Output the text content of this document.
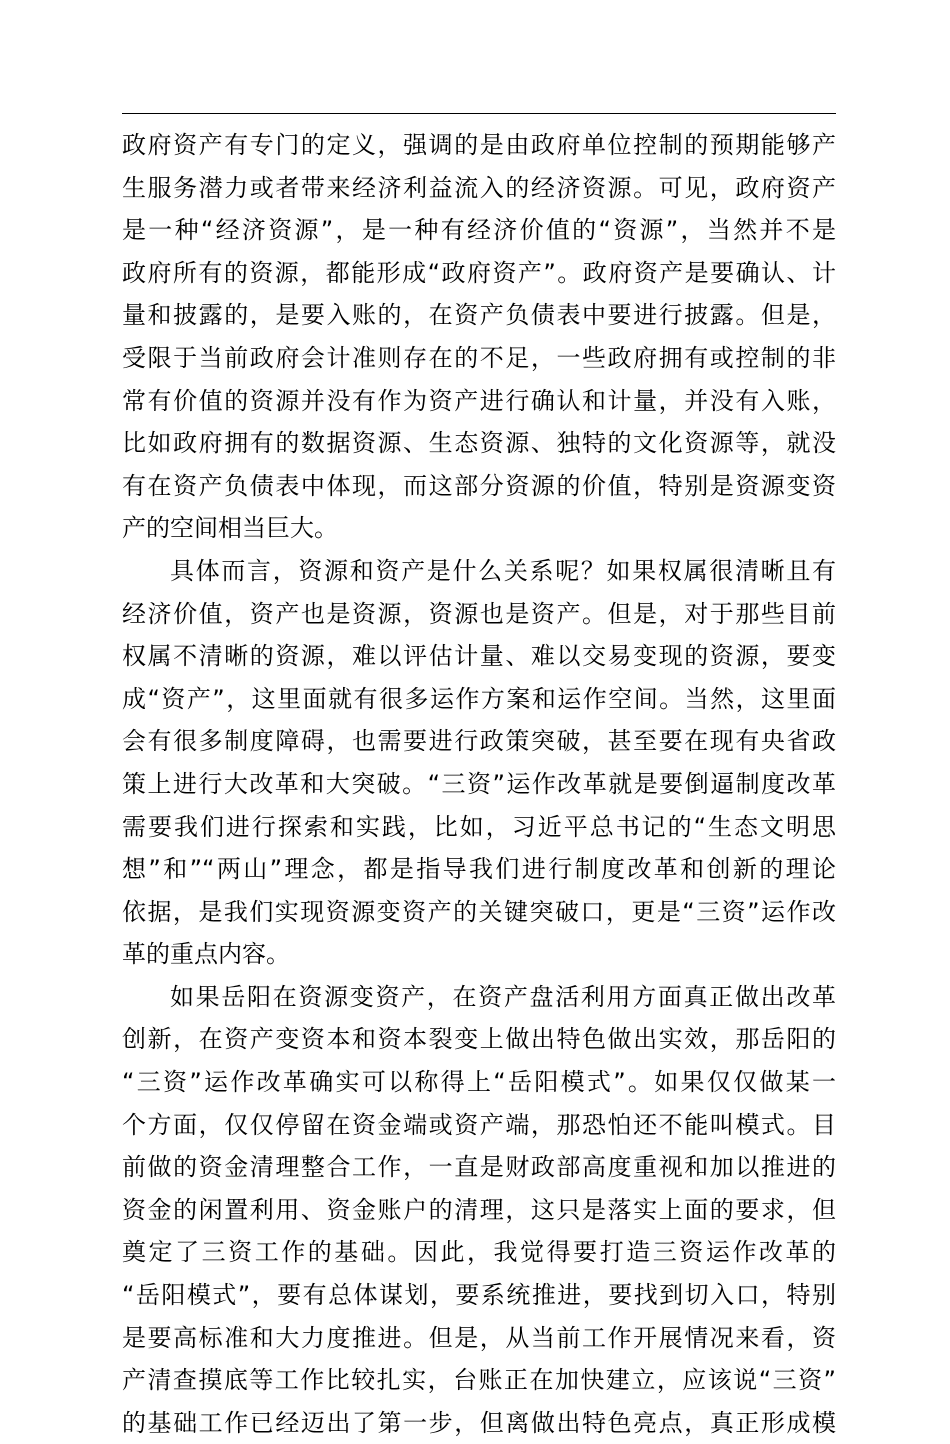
政府资产有专门的定义，强调的是由政府单位控制的预期能够产
生服务潜力或者带来经济利益流入的经济资源。可见，政府资产
是一种“经济资源”，是一种有经济价值的“资源”，当然并不是
政府所有的资源，都能形成“政府资产”。政府资产是要确认、计
量和披露的，是要入账的，在资产负债表中要进行披露。但是，
受限于当前政府会计准则存在的不足，一些政府拥有或控制的非
常有价值的资源并没有作为资产进行确认和计量，并没有入账，
比如政府拥有的数据资源、生态资源、独特的文化资源等，就没
有在资产负债表中体现，而这部分资源的价值，特别是资源变资
产的空间相当巨大。
具体而言，资源和资产是什么关系呢？如果权属很清晰且有
经济价值，资产也是资源，资源也是资产。但是，对于那些目前
权属不清晰的资源，难以评估计量、难以交易变现的资源，要变
成“资产”，这里面就有很多运作方案和运作空间。当然，这里面
会有很多制度障碍，也需要进行政策突破，甚至要在现有央省政
策上进行大改革和大突破。“三资”运作改革就是要倒逼制度改革
需要我们进行探索和实践，比如，习近平总书记的“生态文明思
想”和”“两山”理念，都是指导我们进行制度改革和创新的理论
依据，是我们实现资源变资产的关键突破口，更是“三资”运作改
革的重点内容。
如果岳阳在资源变资产，在资产盘活利用方面真正做出改革
创新，在资产变资本和资本裂变上做出特色做出实效，那岳阳的
“三资”运作改革确实可以称得上“岳阳模式”。如果仅仅做某一
个方面，仅仅停留在资金端或资产端，那恐怕还不能叫模式。目
前做的资金清理整合工作，一直是财政部高度重视和加以推进的
资金的闲置利用、资金账户的清理，这只是落实上面的要求，但
奠定了三资工作的基础。因此，我觉得要打造三资运作改革的
“岳阳模式”，要有总体谋划，要系统推进，要找到切入口，特别
是要高标准和大力度推进。但是，从当前工作开展情况来看，资
产清查摸底等工作比较扎实，台账正在加快建立，应该说“三资”
的基础工作已经迈出了第一步，但离做出特色亮点，真正形成模
